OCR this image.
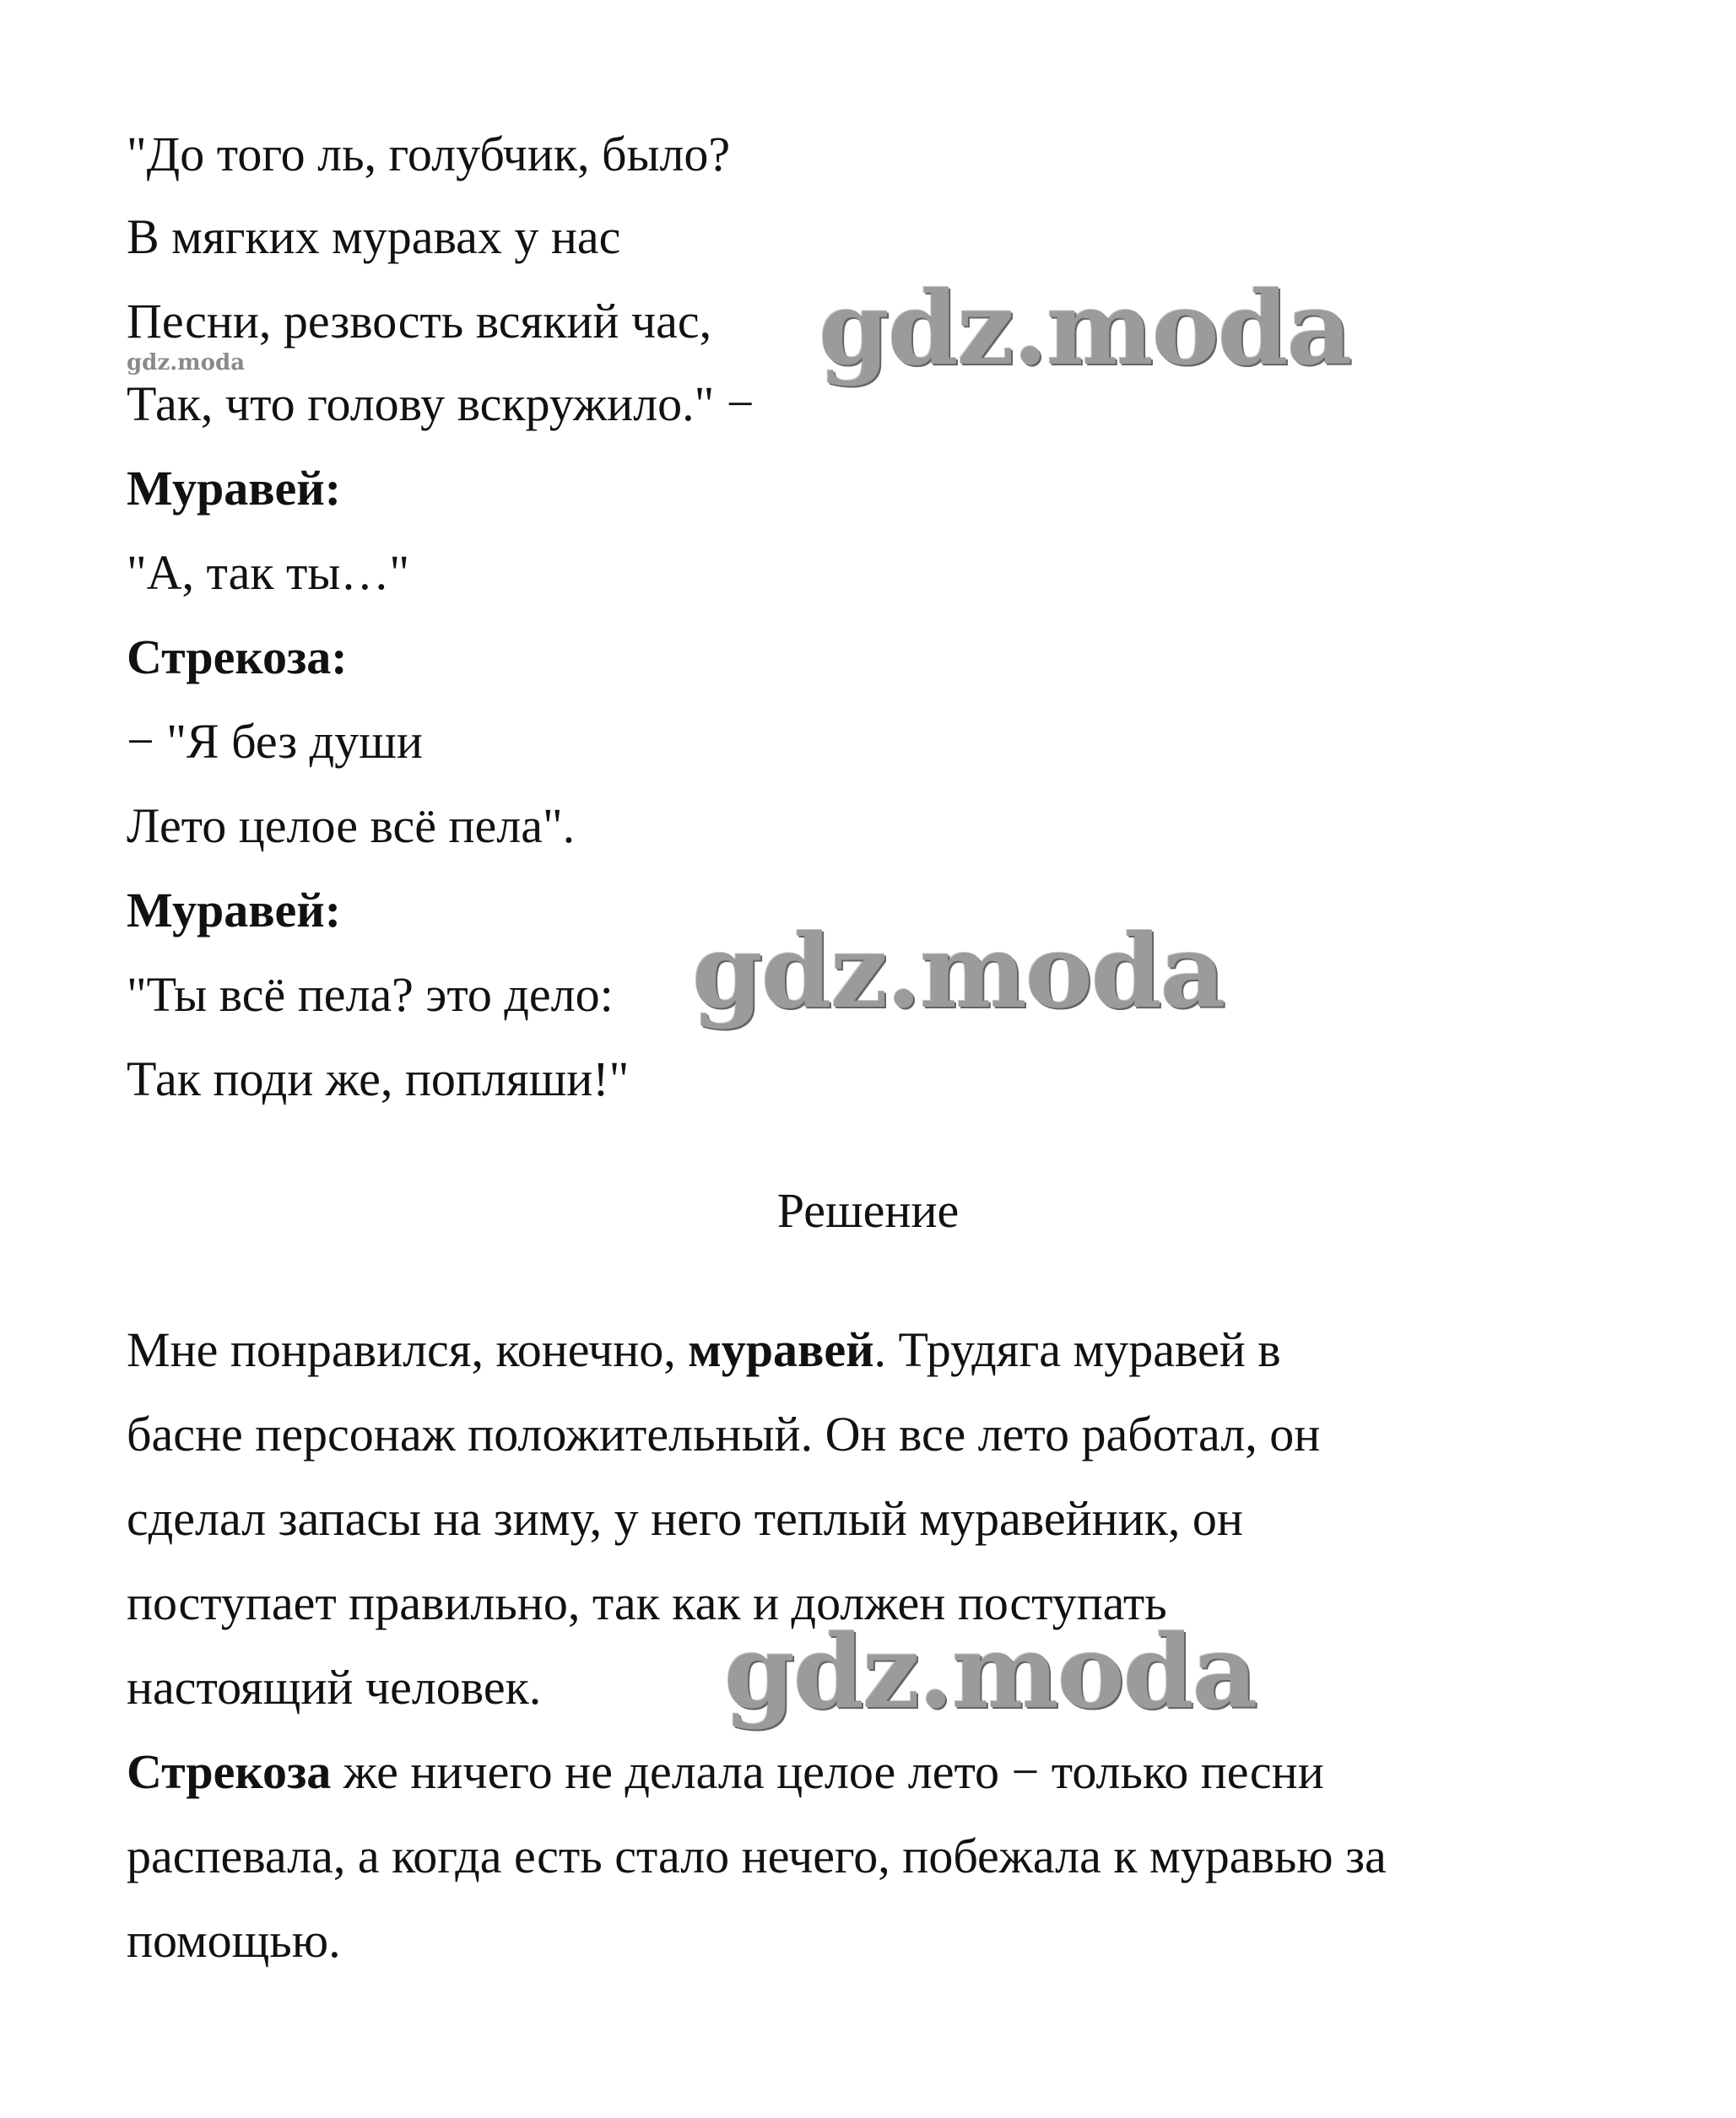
"До того ль, голубчик, было?
В мягких муравах у нас
Песни, резвость всякий час,
Так, что голову вскружило." −
Муравей:
"А, так ты…"
Стрекоза:
− "Я без души
Лето целое всё пела".
Муравей:
"Ты всё пела? это дело:
Так поди же, попляши!"
Решение
Мне понравился, конечно, муравей. Трудяга муравей в
басне персонаж положительный. Он все лето работал, он
сделал запасы на зиму, у него теплый муравейник, он
поступает правильно, так как и должен поступать
настоящий человек.
Стрекоза же ничего не делала целое лето − только песни
распевала, а когда есть стало нечего, побежала к муравью за
помощью.
gdz.moda
gdz.moda
gdz.moda
gdz.moda
